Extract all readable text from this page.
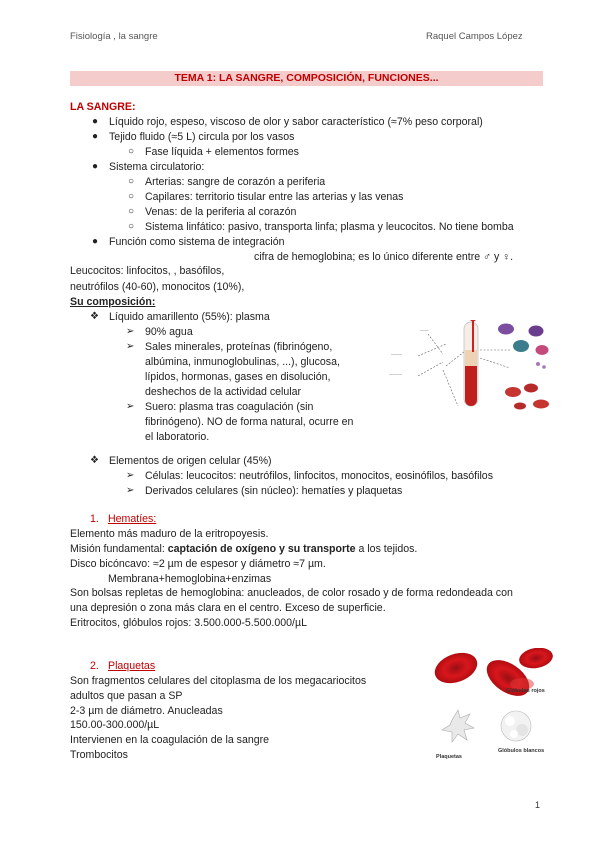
Fisiología , la sangre	Raquel Campos López
TEMA 1: LA SANGRE, COMPOSICIÓN, FUNCIONES...
LA SANGRE:
● Líquido rojo, espeso, viscoso de olor y sabor característico (≈7% peso corporal)
● Tejido fluido (≈5 L) circula por los vasos
○ Fase líquida + elementos formes
● Sistema circulatorio:
○ Arterias: sangre de corazón a periferia
○ Capilares: territorio tisular entre las arterias y las venas
○ Venas: de la periferia al corazón
○ Sistema linfático: pasivo, transporta linfa; plasma y leucocitos. No tiene bomba
● Función como sistema de integración
cifra de hemoglobina; es lo único diferente entre ♂ y ♀.
Leucocitos: linfocitos, , basófilos,
neutrófilos (40-60), monocitos (10%),
Su composición:
❖ Líquido amarillento (55%): plasma
➢ 90% agua
➢ Sales minerales, proteínas (fibrinógeno,
albúmina, inmunoglobulinas, ...), glucosa,
lípidos, hormonas, gases en disolución,
deshechos de la actividad celular
➢ Suero: plasma tras coagulación (sin
fibrinógeno). NO de forma natural, ocurre en
el laboratorio.
~~~~~
~~~~~~
~~~~
❖ Elementos de origen celular (45%)
➢ Células: leucocitos: neutrófilos, linfocitos, monocitos, eosinófilos, basófilos
➢ Derivados celulares (sin núcleo): hematíes y plaquetas
1. Hematíes:
Elemento más maduro de la eritropoyesis.
Misión fundamental: captación de oxígeno y su transporte a los tejidos.
Disco bicóncavo: ≈2 µm de espesor y diámetro ≈7 µm.
Membrana+hemoglobina+enzimas
Son bolsas repletas de hemoglobina: anucleados, de color rosado y de forma redondeada con
una depresión o zona más clara en el centro. Exceso de superficie.
Eritrocitos, glóbulos rojos: 3.500.000-5.500.000/µL
2. Plaquetas
Son fragmentos celulares del citoplasma de los megacariocitos
adultos que pasan a SP
2-3 µm de diámetro. Anucleadas
150.00-300.000/µL
Intervienen en la coagulación de la sangre
Trombocitos
Glóbulos rojos
Plaquetas
Glóbulos blancos
1
